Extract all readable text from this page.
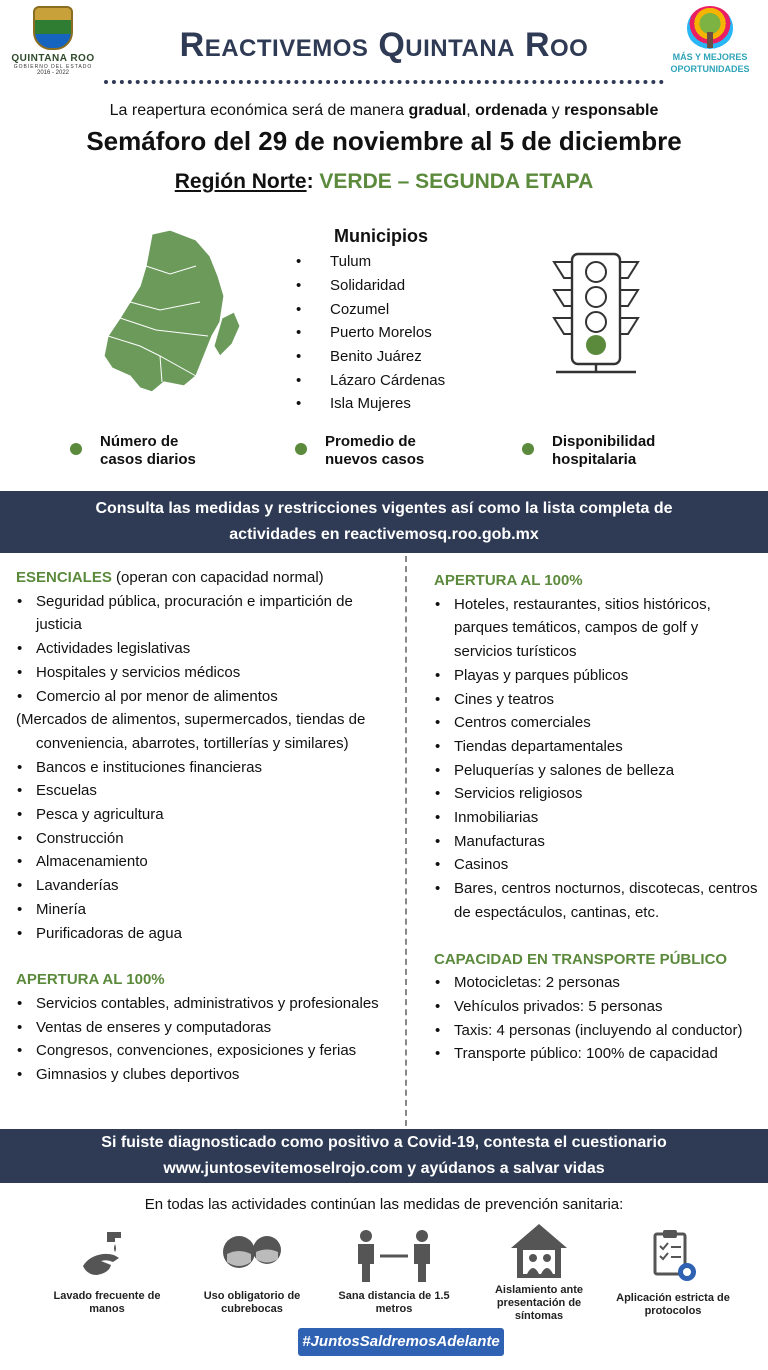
QUINTANA ROO
GOBIERNO DEL ESTADO
2016 - 2022
Reactivemos Quintana Roo	MÁS Y MEJORES
OPORTUNIDADES
La reapertura económica será de manera gradual, ordenada y responsable
Semáforo del 29 de noviembre al 5 de diciembre
Región Norte: VERDE – SEGUNDA ETAPA
Municipios
•	Tulum
•	Solidaridad
•	Cozumel
•	Puerto Morelos
•	Benito Juárez
•	Lázaro Cárdenas
•	Isla Mujeres
Número de
casos diarios
Promedio de
nuevos casos
Disponibilidad
hospitalaria
Consulta las medidas y restricciones vigentes así como la lista completa de
actividades en reactivemosq.roo.gob.mx
ESENCIALES (operan con capacidad normal)
• Seguridad pública, procuración e impartición de justicia
• Actividades legislativas
• Hospitales y servicios médicos
• Comercio al por menor de alimentos
(Mercados de alimentos, supermercados, tiendas de conveniencia, abarrotes, tortillerías y similares)
• Bancos e instituciones financieras
• Escuelas
• Pesca y agricultura
• Construcción
• Almacenamiento
• Lavanderías
• Minería
• Purificadoras de agua
APERTURA AL 100%
• Servicios contables, administrativos y profesionales
• Ventas de enseres y computadoras
• Congresos, convenciones, exposiciones y ferias
• Gimnasios y clubes deportivos
APERTURA AL 100%
• Hoteles, restaurantes, sitios históricos, parques temáticos, campos de golf y servicios turísticos
• Playas y parques públicos
• Cines y teatros
• Centros comerciales
• Tiendas departamentales
• Peluquerías y salones de belleza
• Servicios religiosos
• Inmobiliarias
• Manufacturas
• Casinos
• Bares, centros nocturnos, discotecas, centros de espectáculos, cantinas, etc.
CAPACIDAD EN TRANSPORTE PÚBLICO
• Motocicletas: 2 personas
• Vehículos privados: 5 personas
• Taxis: 4 personas (incluyendo al conductor)
• Transporte público: 100% de capacidad
Si fuiste diagnosticado como positivo a Covid-19, contesta el cuestionario
www.juntosevitemoselrojo.com y ayúdanos a salvar vidas
En todas las actividades continúan las medidas de prevención sanitaria:
Lavado frecuente de manos
Uso obligatorio de cubrebocas
Sana distancia de 1.5 metros
Aislamiento ante presentación de síntomas
Aplicación estricta de protocolos
#JuntosSaldremosAdelante
